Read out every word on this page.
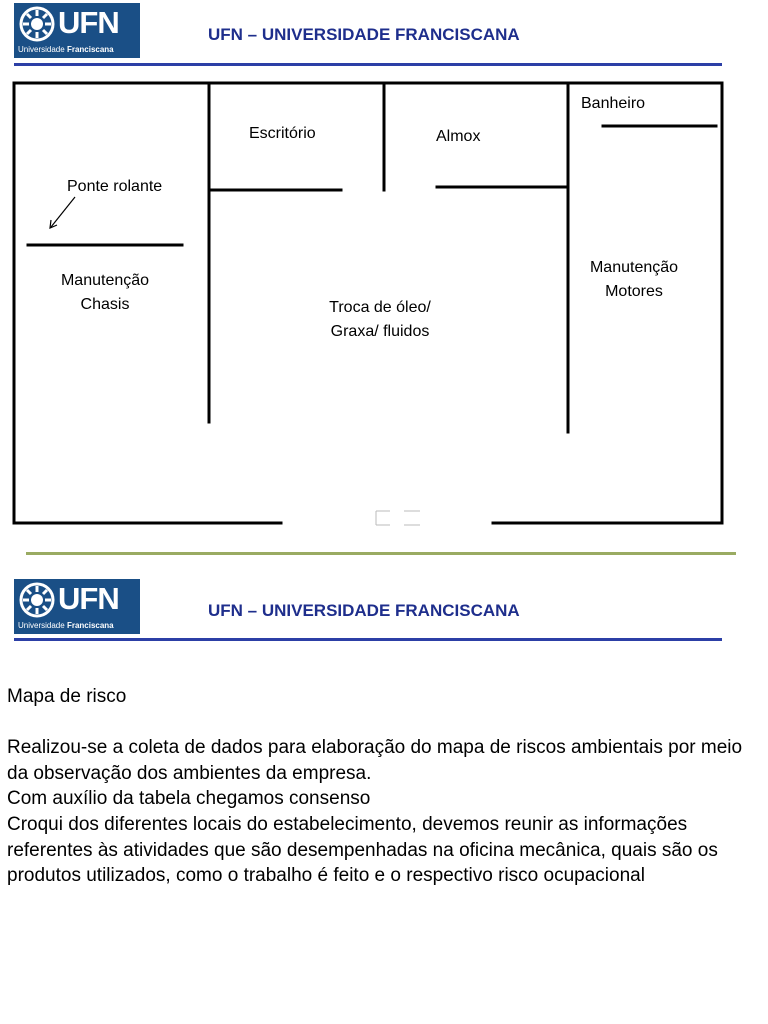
UFN
Universidade Franciscana
UFN – UNIVERSIDADE FRANCISCANA
Escritório	Almox
Banheiro
Ponte rolante
Manutenção
Chasis	Troca de óleo/
Graxa/ fluidos
Manutenção
Motores
UFN
Universidade Franciscana
UFN – UNIVERSIDADE FRANCISCANA

Mapa de risco

Realizou-se a coleta de dados para elaboração do mapa de riscos ambientais por meio da observação dos ambientes da empresa.

Com auxílio da tabela chegamos consenso

Croqui dos diferentes locais do estabelecimento, devemos reunir as informações referentes às atividades que são desempenhadas na oficina mecânica, quais são os produtos utilizados, como o trabalho é feito e o respectivo risco ocupacional
